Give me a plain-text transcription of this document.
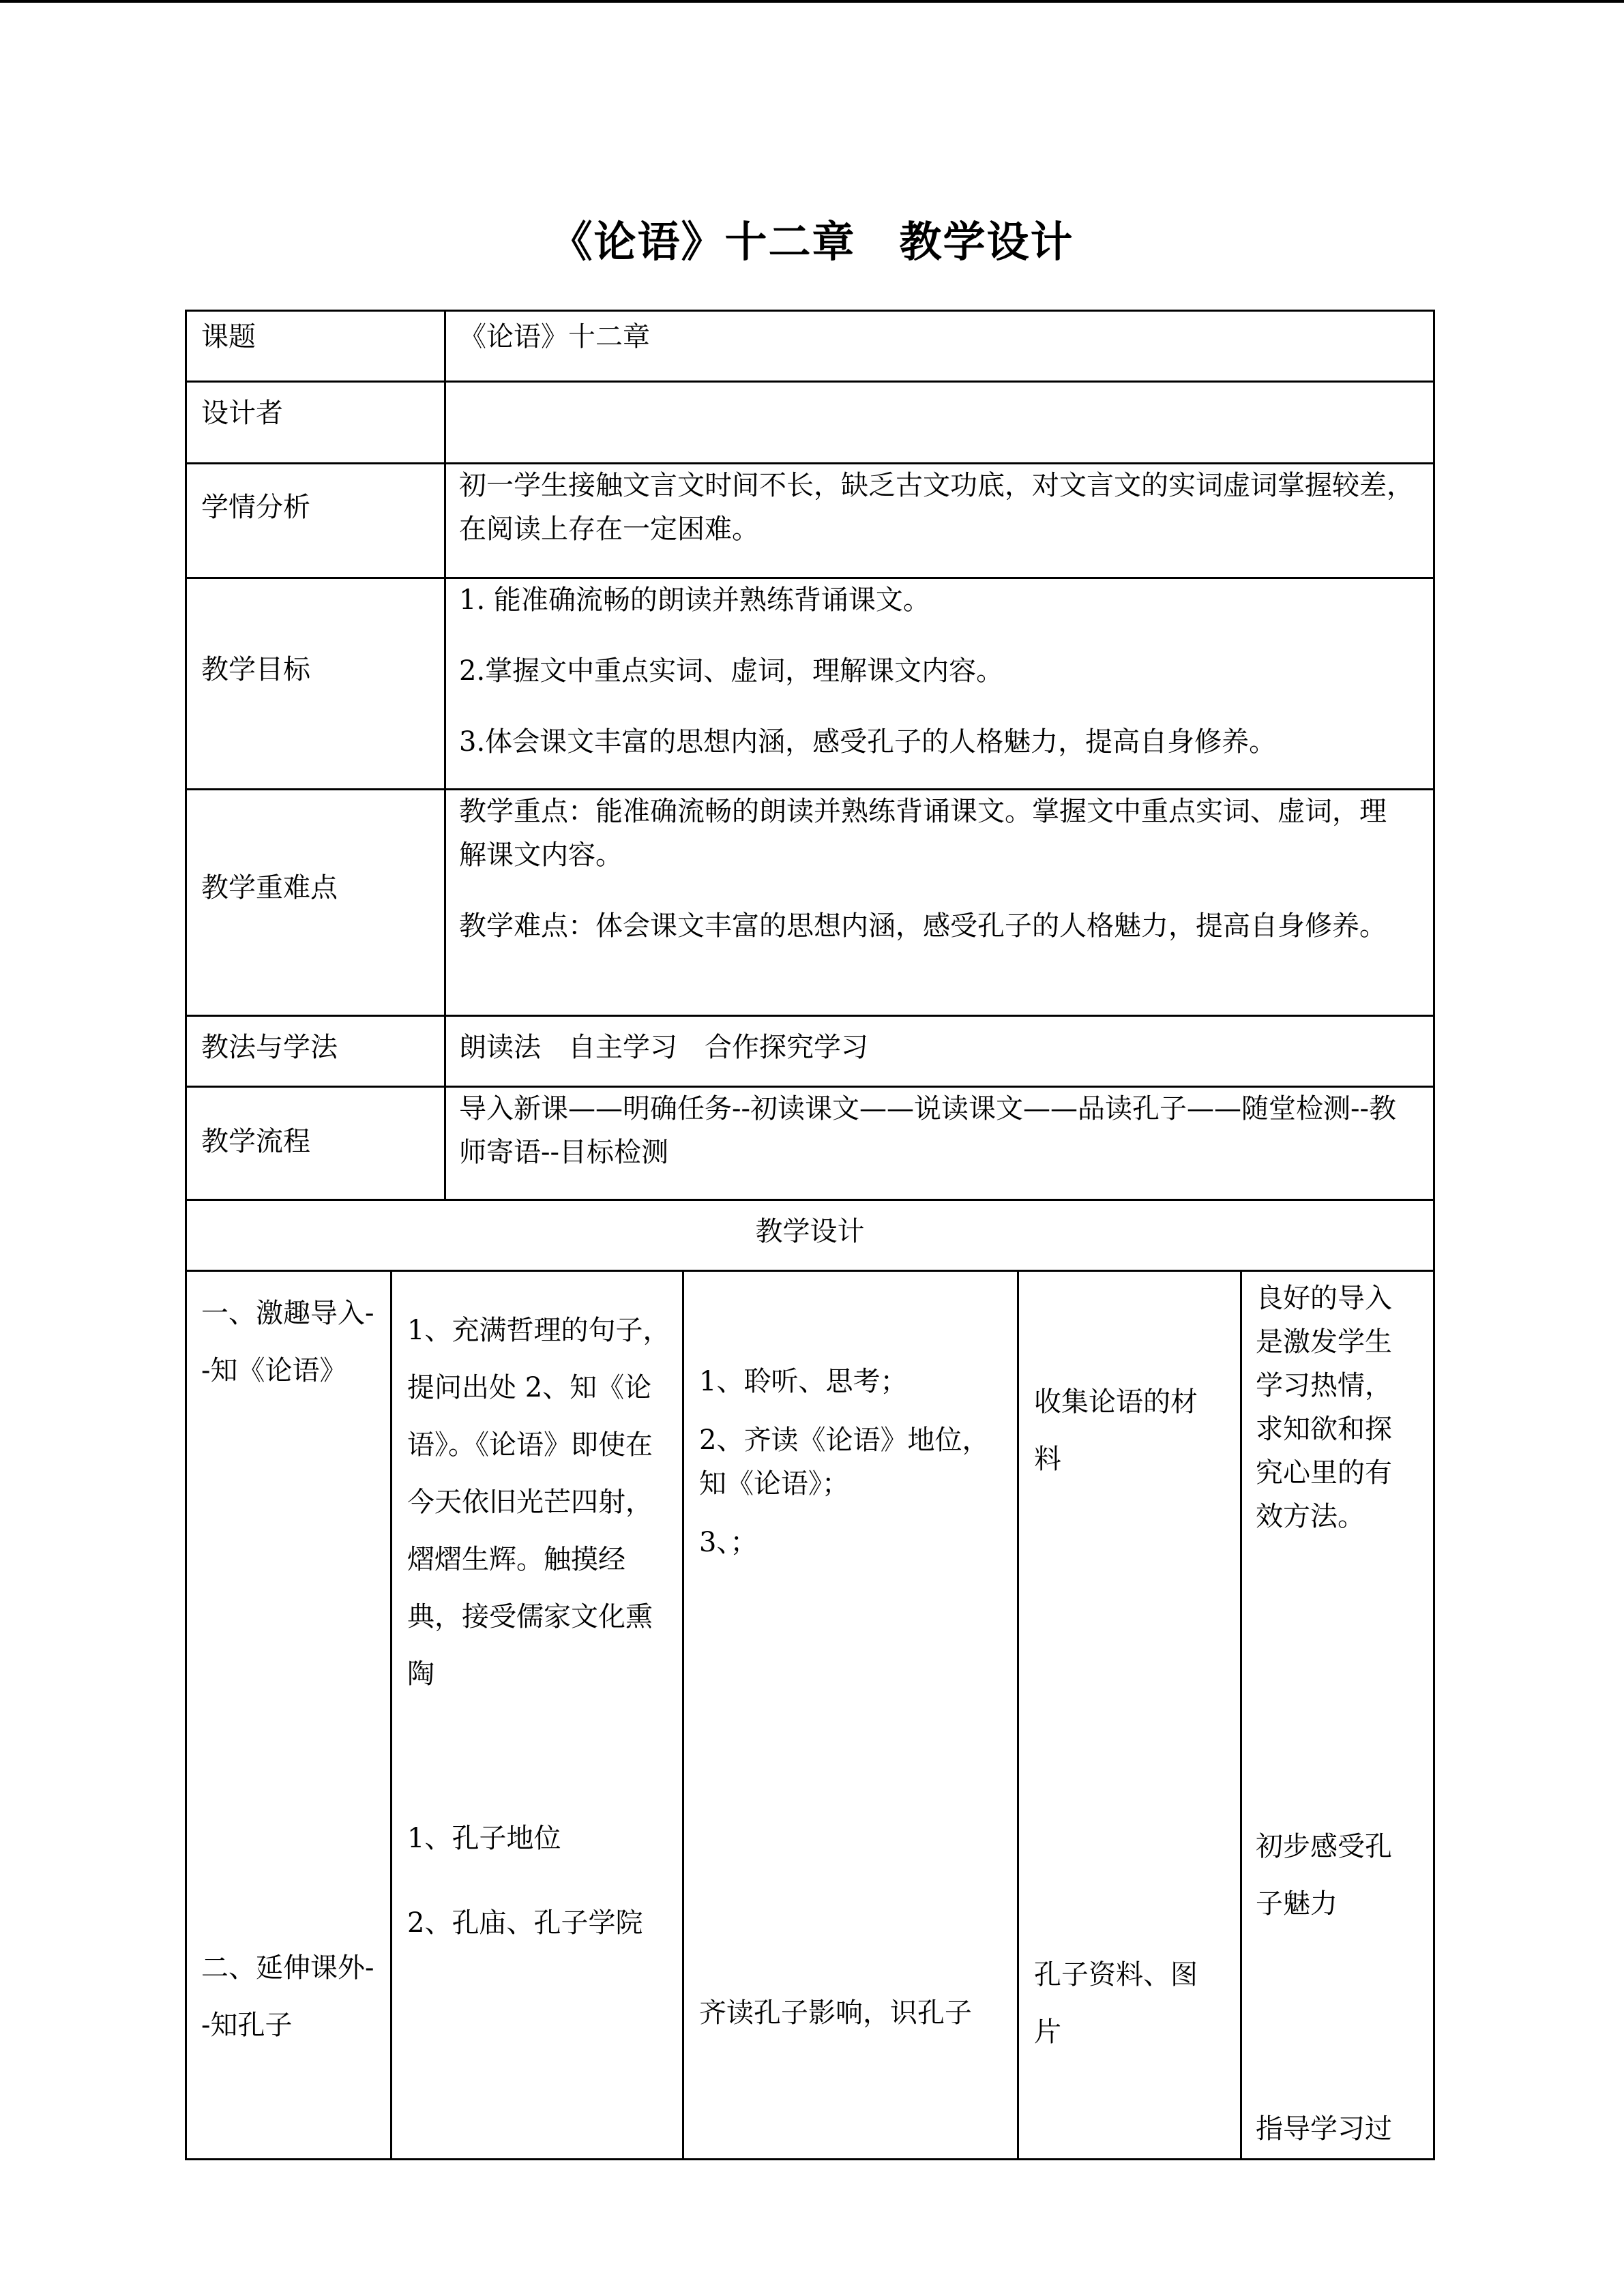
《论语》十二章　教学设计
课题	《论语》十二章
设计者
学情分析
初一学生接触文言文时间不长，缺乏古文功底，对文言文的实词虚词掌握较差，在阅读上存在一定困难。
教学目标

1. 能准确流畅的朗读并熟练背诵课文。

2.掌握文中重点实词、虚词，理解课文内容。

3.体会课文丰富的思想内涵，感受孔子的人格魅力，提高自身修养。

教学重难点

教学重点：能准确流畅的朗读并熟练背诵课文。掌握文中重点实词、虚词，理解课文内容。

教学难点：体会课文丰富的思想内涵，感受孔子的人格魅力，提高自身修养。

教法与学法	朗读法　自主学习　合作探究学习
教学流程
导入新课——明确任务--初读课文——说读课文——品读孔子——随堂检测--教师寄语--目标检测
教学设计
一、激趣导入--知《论语》
1、充满哲理的句子，提问出处 2、知《论语》。《论语》即使在今天依旧光芒四射，熠熠生辉。触摸经典，接受儒家文化熏陶

1、聆听、思考；

2、齐读《论语》地位，知《论语》；

3、；

收集论语的材料
良好的导入是激发学生学习热情，求知欲和探究心里的有效方法。
二、延伸课外--知孔子

1、孔子地位

2、孔庙、孔子学院

齐读孔子影响，识孔子
孔子资料、图片
初步感受孔子魅力
指导学习过
